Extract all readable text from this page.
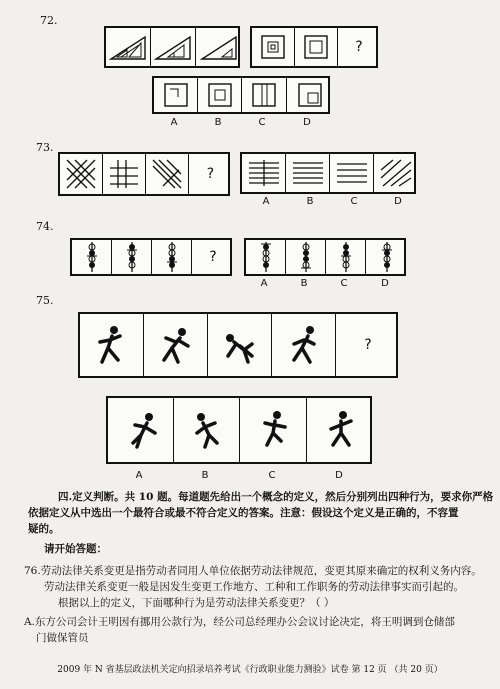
72.
?
A	B	C	D
73.
?
A	B	C	D
74.
?
A	B	C	D
75.
?
A	B	C	D
四.定义判断。共 10 题。每道题先给出一个概念的定义，然后分别列出四种行为，要求你严格
依据定义从中选出一个最符合或最不符合定义的答案。注意：假设这个定义是正确的，不容置
疑的。
请开始答题：
76.劳动法律关系变更是指劳动者同用人单位依据劳动法律规范，变更其原来确定的权利义务内容。
劳动法律关系变更一般是因发生变更工作地方、工种和工作职务的劳动法律事实而引起的。
根据以上的定义，下面哪种行为是劳动法律关系变更？（ ）
A.东方公司会计王明因有挪用公款行为，经公司总经理办公会议讨论决定，将王明调到仓储部
门做保管员
2009 年 N 省基层政法机关定向招录培养考试《行政职业能力测验》试卷 第 12 页 （共 20 页）
